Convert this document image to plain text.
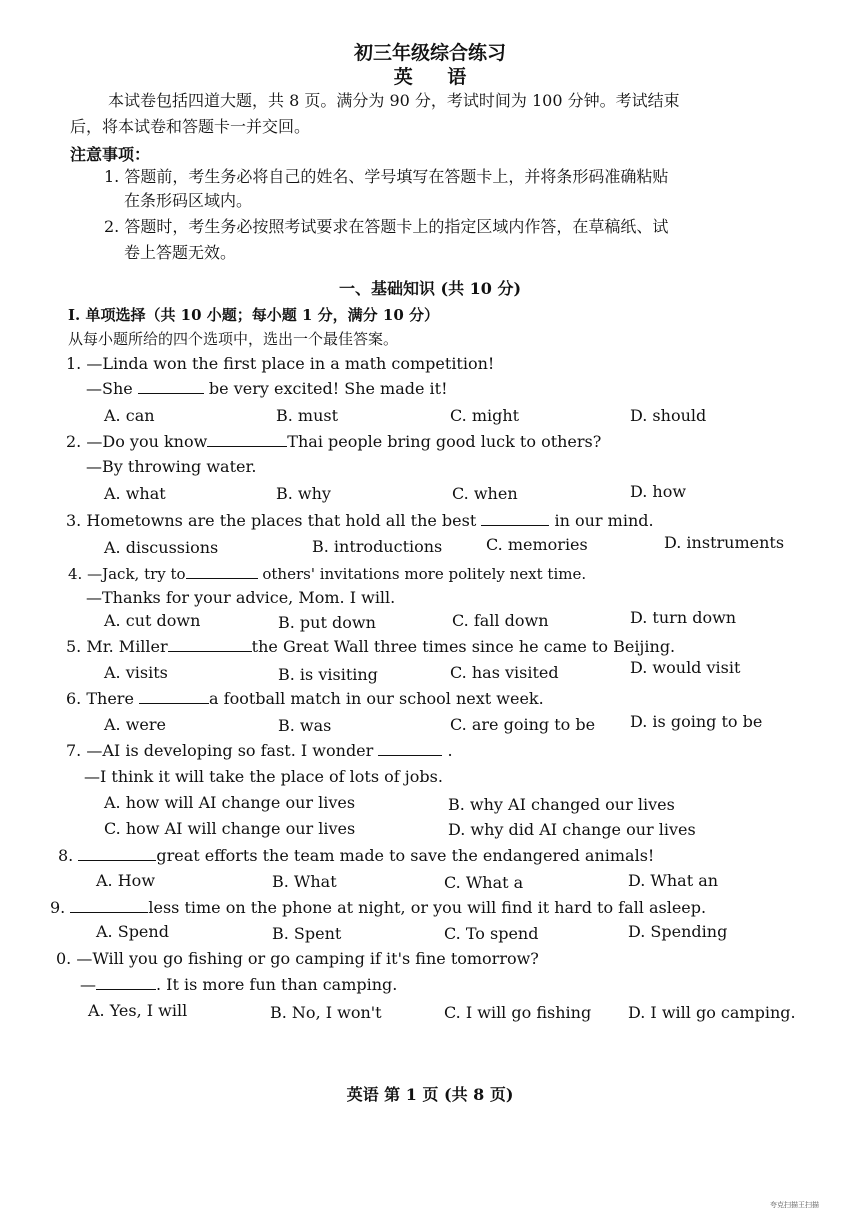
初三年级综合练习
英 语
本试卷包括四道大题，共 8 页。满分为 90 分，考试时间为 100 分钟。考试结束
后，将本试卷和答题卡一并交回。
注意事项：
1. 答题前，考生务必将自己的姓名、学号填写在答题卡上，并将条形码准确粘贴
在条形码区域内。
2. 答题时，考生务必按照考试要求在答题卡上的指定区域内作答，在草稿纸、试
卷上答题无效。
一、基础知识 (共 10 分)
Ⅰ. 单项选择（共 10 小题；每小题 1 分，满分 10 分）
从每小题所给的四个选项中，选出一个最佳答案。
1. —Linda won the first place in a math competition!
—She	be very excited! She made it!
A. can	B. must	C. might	D. should
2. —Do you know	Thai people bring good luck to others?
—By throwing water.
A. what	B. why	C. when	D. how
3. Hometowns are the places that hold all the best	in our mind.
A. discussions	B. introductions	C. memories	D. instruments
4. —Jack, try to	others' invitations more politely next time.
—Thanks for your advice, Mom. I will.
A. cut down	B. put down	C. fall down	D. turn down
5. Mr. Miller	the Great Wall three times since he came to Beijing.
A. visits	B. is visiting	C. has visited	D. would visit
6. There	a football match in our school next week.
A. were	B. was	C. are going to be D. is going to be
7. —AI is developing so fast. I wonder	.
—I think it will take the place of lots of jobs.
A. how will AI change our lives	B. why AI changed our lives
C. how AI will change our lives	D. why did AI change our lives
8.	great efforts the team made to save the endangered animals!
A. How	B. What	C. What a	D. What an
9.	less time on the phone at night, or you will find it hard to fall asleep.
A. Spend	B. Spent	C. To spend	D. Spending
0. —Will you go fishing or go camping if it's fine tomorrow?
—	. It is more fun than camping.
A. Yes, I will	B. No, I won't	C. I will go fishing D. I will go camping.
英语 第 1 页 (共 8 页)
夸克扫描王扫描
